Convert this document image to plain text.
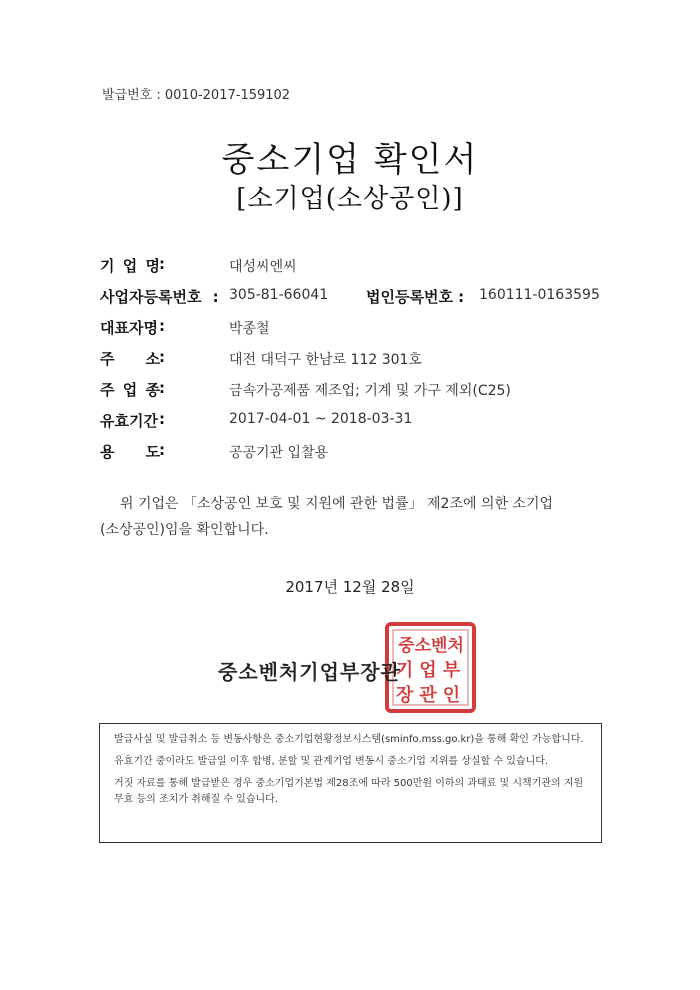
발급번호 : 0010-2017-159102
중소기업 확인서
[소기업(소상공인)]
기 업 명 :	대성씨엔씨
사업자등록번호 : 305-81-66041	법인등록번호 : 160111-0163595
대표자명 :	박종철
주 소 :	대전 대덕구 한남로 112 301호
주 업 종 :	금속가공제품 제조업; 기계 및 가구 제외(C25)
유효기간 :	2017-04-01 ~ 2018-03-31
용 도 :	공공기관 입찰용
위 기업은 「소상공인 보호 및 지원에 관한 법률」 제2조에 의한 소기업
(소상공인)임을 확인합니다.
2017년 12월 28일
중소벤처
기업부
장관인
중소벤처기업부장관

발급사실 및 발급취소 등 변동사항은 중소기업현황정보시스템(sminfo.mss.go.kr)을 통해 확인 가능합니다.

유효기간 중이라도 발급일 이후 합병, 분할 및 관계기업 변동시 중소기업 지위를 상실할 수 있습니다.

거짓 자료를 통해 발급받은 경우 중소기업기본법 제28조에 따라 500만원 이하의 과태료 및 시책기관의 지원무효 등의 조치가 취해질 수 있습니다.
